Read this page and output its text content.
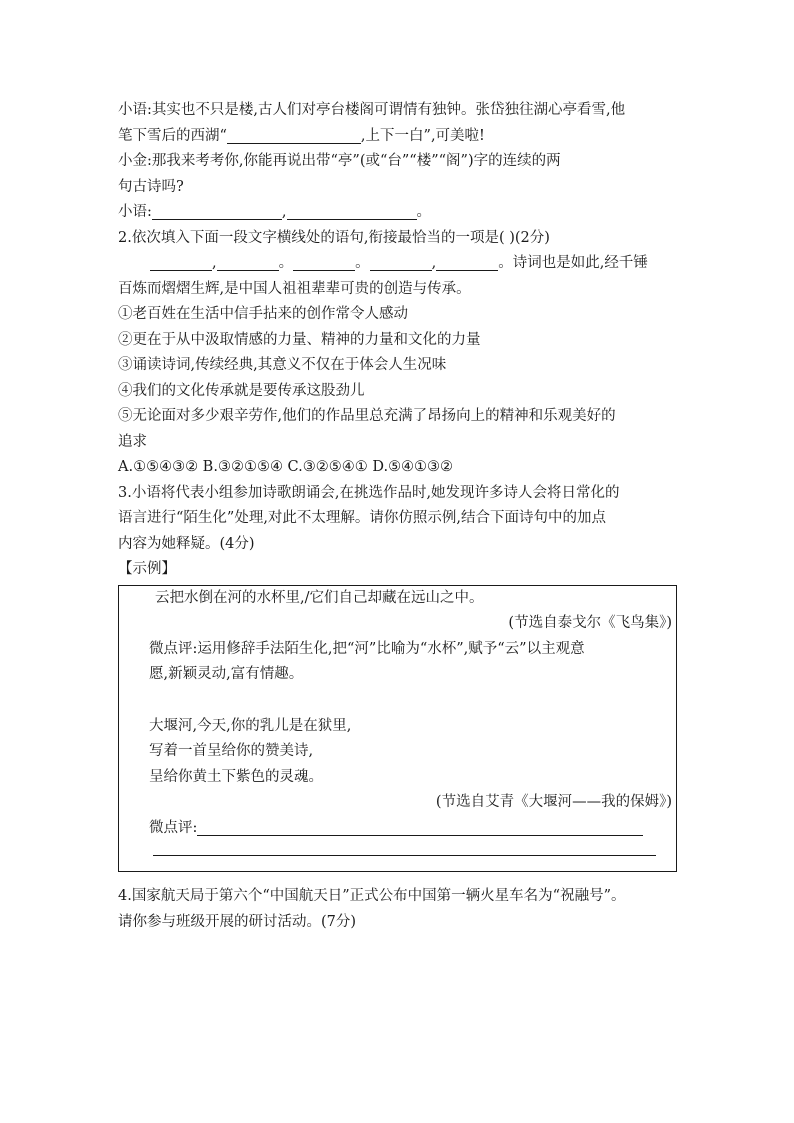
小语:其实也不只是楼,古人们对亭台楼阁可谓情有独钟。张岱独往湖心亭看雪,他
笔下雪后的西湖“	,上下一白”,可美啦!
小金:那我来考考你,你能再说出带“亭”(或“台”“楼”“阁”)字的连续的两
句古诗吗?
小语:	,	。
2.依次填入下面一段文字横线处的语句,衔接最恰当的一项是( )(2分)
,	。	。	,	。诗词也是如此,经千锤
百炼而熠熠生辉,是中国人祖祖辈辈可贵的创造与传承。
①老百姓在生活中信手拈来的创作常令人感动
②更在于从中汲取情感的力量、精神的力量和文化的力量
③诵读诗词,传续经典,其意义不仅在于体会人生况味
④我们的文化传承就是要传承这股劲儿
⑤无论面对多少艰辛劳作,他们的作品里总充满了昂扬向上的精神和乐观美好的
追求
A.①⑤④③② B.③②①⑤④ C.③②⑤④① D.⑤④①③②
3.小语将代表小组参加诗歌朗诵会,在挑选作品时,她发现许多诗人会将日常化的
语言进行“陌生化”处理,对此不太理解。请你仿照示例,结合下面诗句中的加点
内容为她释疑。(4分)
【示例】
云把水倒在河的水杯里,/它们自己却藏在远山之中。
(节选自泰戈尔《飞鸟集》)
微点评:运用修辞手法陌生化,把“河”比喻为“水杯”,赋予“云”以主观意
愿,新颖灵动,富有情趣。
大堰河,今天,你的乳儿是在狱里,
写着一首呈给你的赞美诗,
呈给你黄土下紫色的灵魂。
(节选自艾青《大堰河——我的保姆》)
微点评:
4.国家航天局于第六个“中国航天日”正式公布中国第一辆火星车名为“祝融号”。
请你参与班级开展的研讨活动。(7分)
